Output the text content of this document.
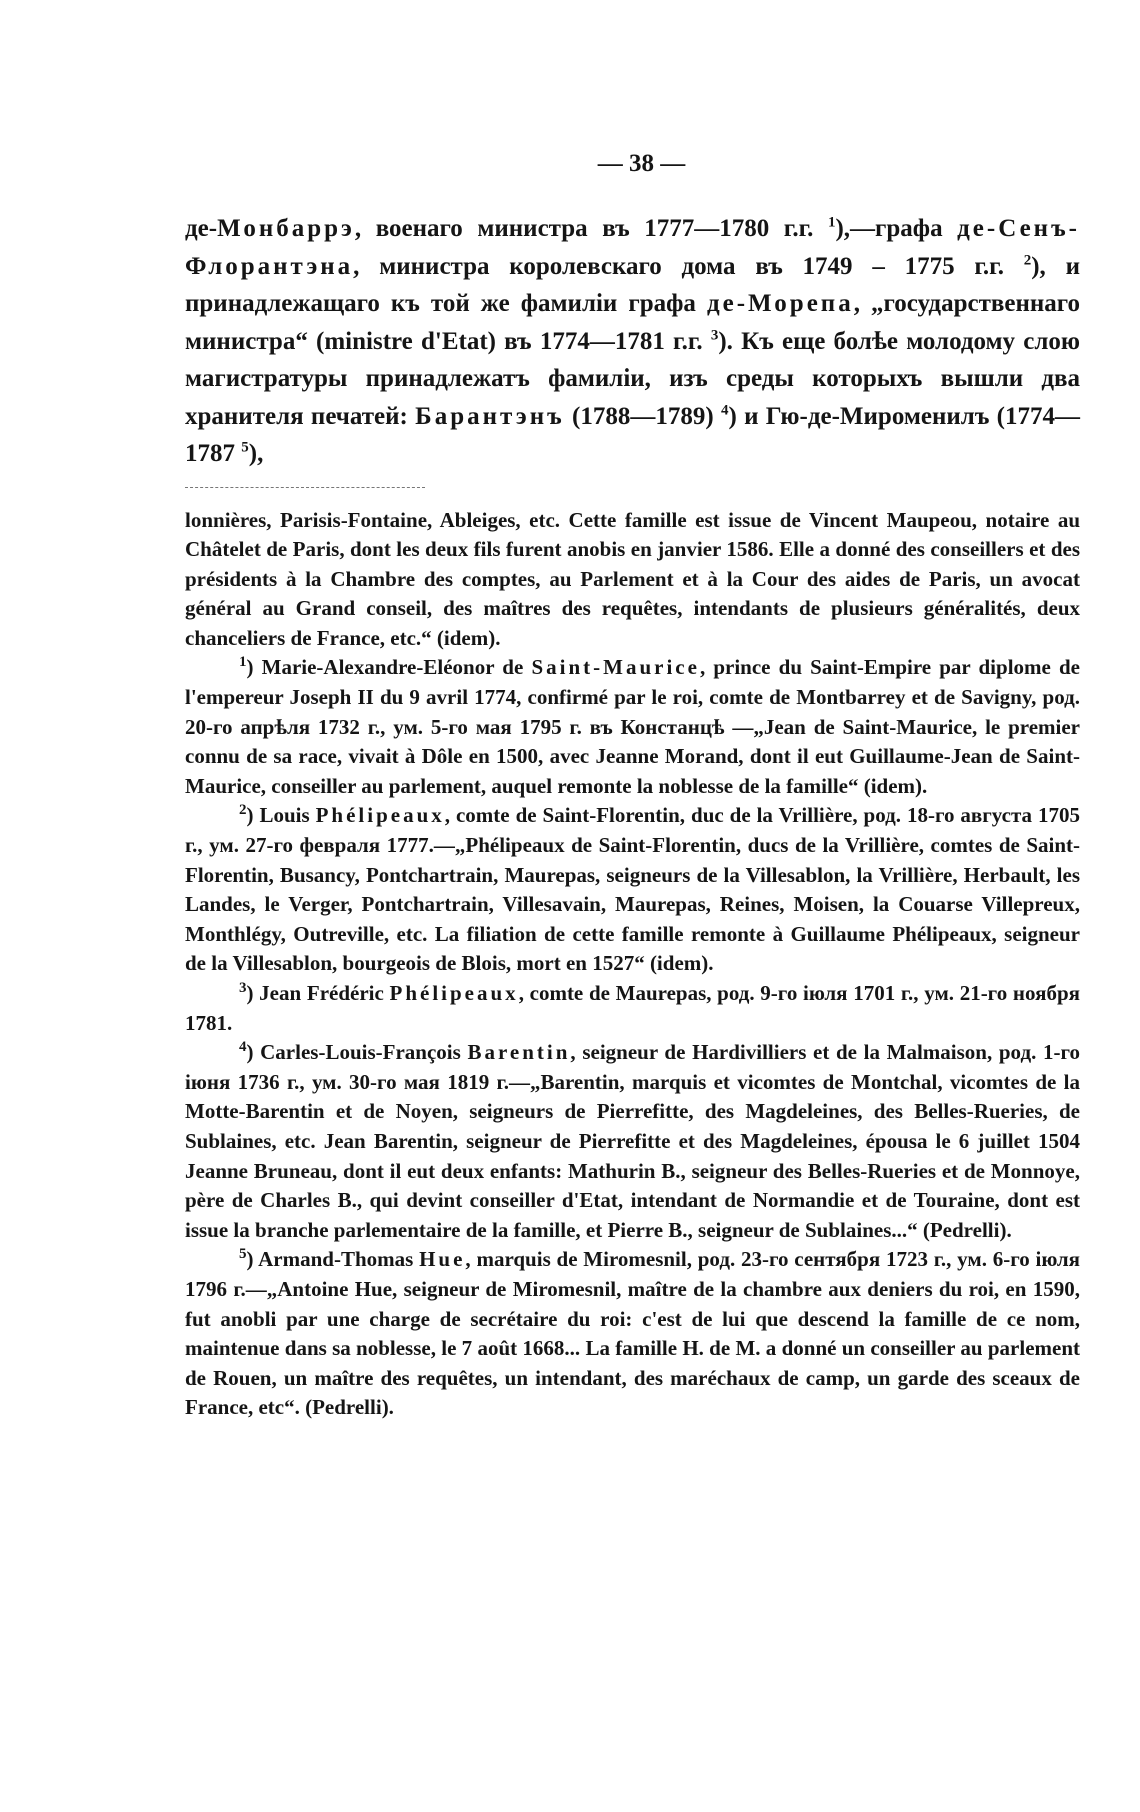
— 38 —

де-Монбаррэ, военаго министра въ 1777—1780 г.г. $^1$),—графа де-Сенъ-Флорантэна, министра королевскаго дома въ 1749 – 1775 г.г. $^2$), и принадлежащаго къ той же фамиліи графа де-Морепа, „государственнаго министра“ (ministre d'Etat) въ 1774—1781 г.г. $^3$). Къ еще болѣе молодому слою магистратуры принадлежатъ фамиліи, изъ среды которыхъ вышли два хранителя печатей: Барантэнъ (1788—1789) $^4$) и Гю-де-Мироменилъ (1774—1787 $^5$),

lonnières, Parisis-Fontaine, Ableiges, etc. Cette famille est issue de Vincent Maupeou, notaire au Châtelet de Paris, dont les deux fils furent anobis en janvier 1586. Elle a donné des conseillers et des présidents à la Chambre des comptes, au Parlement et à la Cour des aides de Paris, un avocat général au Grand conseil, des maîtres des requêtes, intendants de plusieurs généralités, deux chanceliers de France, etc.“ (idem).

$^1$) Marie-Alexandre-Eléonor de Saint-Maurice, prince du Saint-Empire par diplome de l'empereur Joseph II du 9 avril 1774, confirmé par le roi, comte de Montbarrey et de Savigny, род. 20-го апрѣля 1732 г., ум. 5-го мая 1795 г. въ Констанцѣ —„Jean de Saint-Maurice, le premier connu de sa race, vivait à Dôle en 1500, avec Jeanne Morand, dont il eut Guillaume-Jean de Saint-Maurice, conseiller au parlement, auquel remonte la noblesse de la famille“ (idem).

$^2$) Louis Phélipeaux, comte de Saint-Florentin, duc de la Vrillière, род. 18-го августа 1705 г., ум. 27-го февраля 1777.—„Phélipeaux de Saint-Florentin, ducs de la Vrillière, comtes de Saint-Florentin, Busancy, Pontchartrain, Maurepas, seigneurs de la Villesablon, la Vrillière, Herbault, les Landes, le Verger, Pontchartrain, Villesavain, Maurepas, Reines, Moisen, la Couarse Villepreux, Monthlégy, Outreville, etc. La filiation de cette famille remonte à Guillaume Phélipeaux, seigneur de la Villesablon, bourgeois de Blois, mort en 1527“ (idem).

$^3$) Jean Frédéric Phélipeaux, comte de Maurepas, род. 9-го іюля 1701 г., ум. 21-го ноября 1781.

$^4$) Carles-Louis-François Barentin, seigneur de Hardivilliers et de la Malmaison, род. 1-го іюня 1736 г., ум. 30-го мая 1819 г.—„Barentin, marquis et vicomtes de Montchal, vicomtes de la Motte-Barentin et de Noyen, seigneurs de Pierrefitte, des Magdeleines, des Belles-Rueries, de Sublaines, etc. Jean Barentin, seigneur de Pierrefitte et des Magdeleines, épousa le 6 juillet 1504 Jeanne Bruneau, dont il eut deux enfants: Mathurin B., seigneur des Belles-Rueries et de Monnoye, père de Charles B., qui devint conseiller d'Etat, intendant de Normandie et de Touraine, dont est issue la branche parlementaire de la famille, et Pierre B., seigneur de Sublaines...“ (Pedrelli).

$^5$) Armand-Thomas Hue, marquis de Miromesnil, род. 23-го сентября 1723 г., ум. 6-го іюля 1796 г.—„Antoine Hue, seigneur de Miromesnil, maître de la chambre aux deniers du roi, en 1590, fut anobli par une charge de secrétaire du roi: c'est de lui que descend la famille de ce nom, maintenue dans sa noblesse, le 7 août 1668... La famille H. de M. a donné un conseiller au parlement de Rouen, un maître des requêtes, un intendant, des maréchaux de camp, un garde des sceaux de France, etc“. (Pedrelli).
